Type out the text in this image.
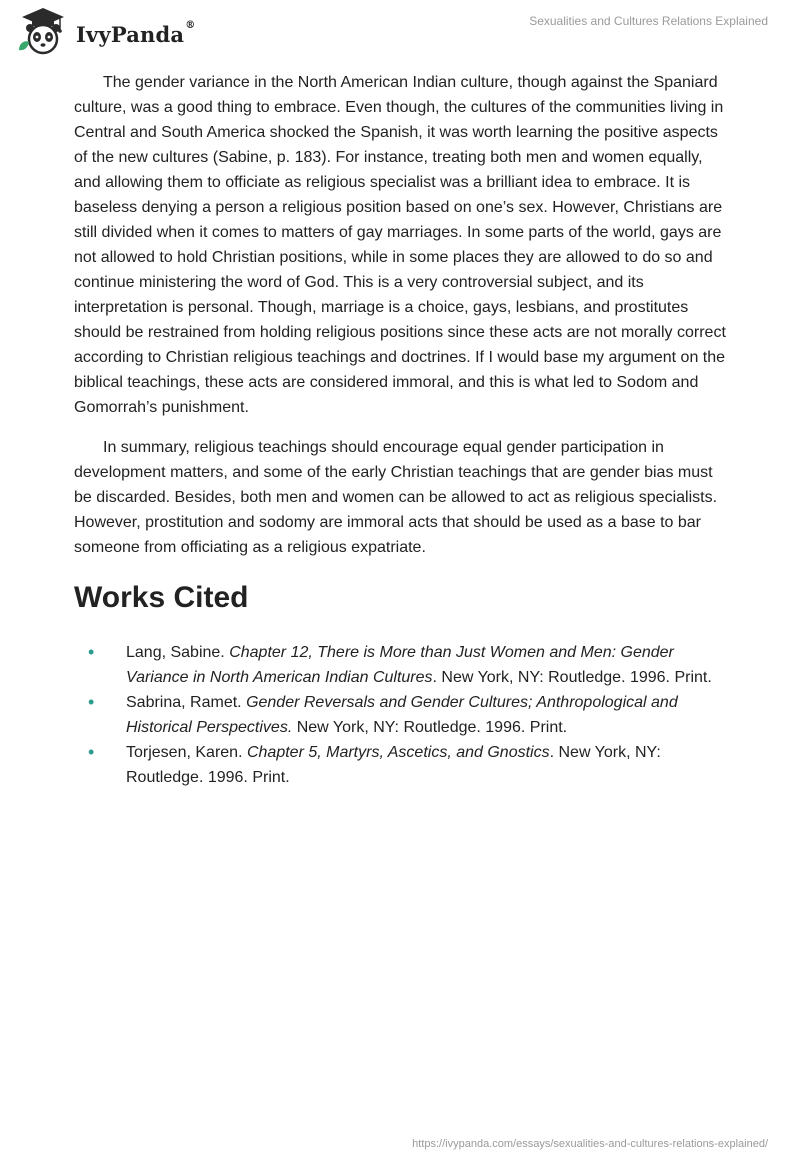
IvyPanda®	Sexualities and Cultures Relations Explained

The gender variance in the North American Indian culture, though against the Spaniard culture, was a good thing to embrace. Even though, the cultures of the communities living in Central and South America shocked the Spanish, it was worth learning the positive aspects of the new cultures (Sabine, p. 183). For instance, treating both men and women equally, and allowing them to officiate as religious specialist was a brilliant idea to embrace. It is baseless denying a person a religious position based on one’s sex. However, Christians are still divided when it comes to matters of gay marriages. In some parts of the world, gays are not allowed to hold Christian positions, while in some places they are allowed to do so and continue ministering the word of God. This is a very controversial subject, and its interpretation is personal. Though, marriage is a choice, gays, lesbians, and prostitutes should be restrained from holding religious positions since these acts are not morally correct according to Christian religious teachings and doctrines. If I would base my argument on the biblical teachings, these acts are considered immoral, and this is what led to Sodom and Gomorrah’s punishment.

In summary, religious teachings should encourage equal gender participation in development matters, and some of the early Christian teachings that are gender bias must be discarded. Besides, both men and women can be allowed to act as religious specialists. However, prostitution and sodomy are immoral acts that should be used as a base to bar someone from officiating as a religious expatriate.

Works Cited
• Lang, Sabine. Chapter 12, There is More than Just Women and Men: Gender Variance in North American Indian Cultures. New York, NY: Routledge. 1996. Print.
• Sabrina, Ramet. Gender Reversals and Gender Cultures; Anthropological and Historical Perspectives. New York, NY: Routledge. 1996. Print.
• Torjesen, Karen. Chapter 5, Martyrs, Ascetics, and Gnostics. New York, NY: Routledge. 1996. Print.
https://ivypanda.com/essays/sexualities-and-cultures-relations-explained/
